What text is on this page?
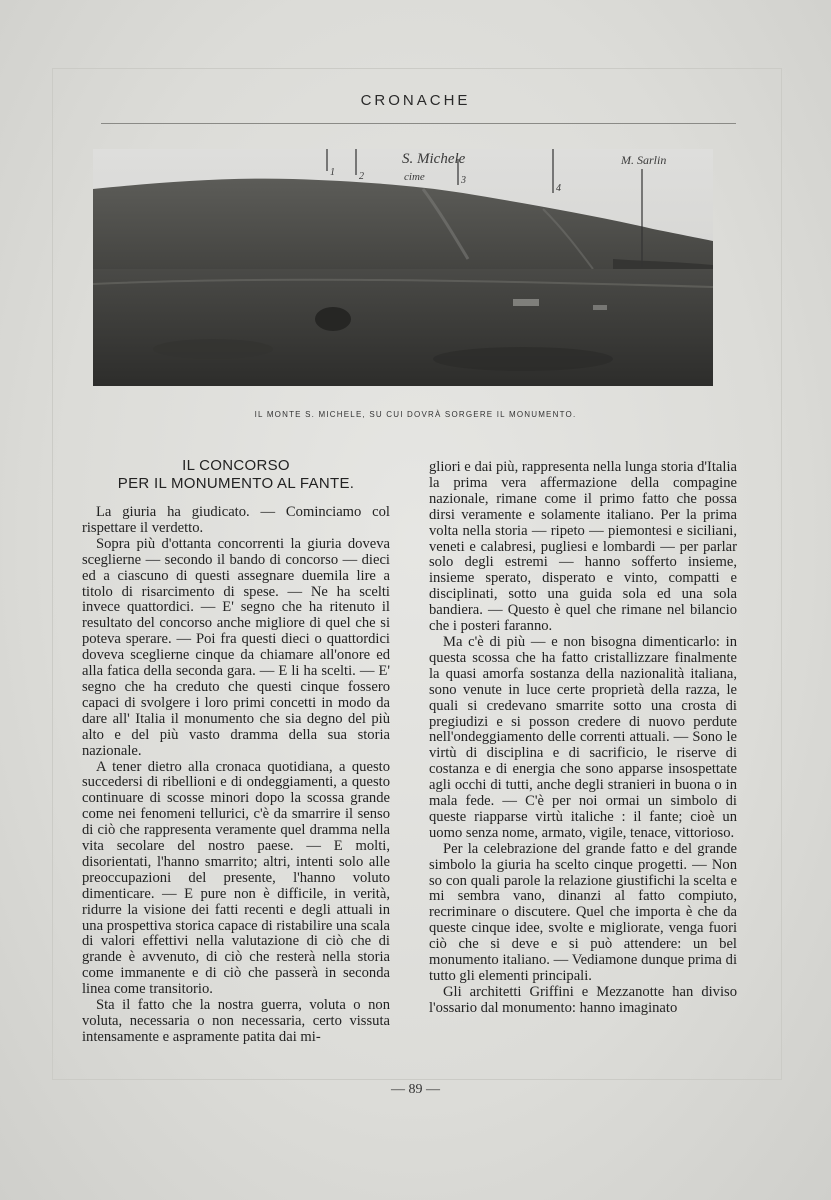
CRONACHE
1 2
S. Michele
cime	3
4
M. Sarlin
IL MONTE S. MICHELE, SU CUI DOVRÀ SORGERE IL MONUMENTO.
IL CONCORSO
PER IL MONUMENTO AL FANTE.

La giuria ha giudicato. — Cominciamo col rispettare il verdetto.

Sopra più d'ottanta concorrenti la giuria doveva sceglierne — secondo il bando di concorso — dieci ed a ciascuno di questi assegnare duemila lire a titolo di risarcimento di spese. — Ne ha scelti invece quattordici. — E' segno che ha ritenuto il resultato del concorso anche migliore di quel che si poteva sperare. — Poi fra questi dieci o quattordici doveva sceglierne cinque da chiamare all'onore ed alla fatica della seconda gara. — E li ha scelti. — E' segno che ha creduto che questi cinque fossero capaci di svolgere i loro primi concetti in modo da dare all' Italia il monumento che sia degno del più alto e del più vasto dramma della sua storia nazionale.

A tener dietro alla cronaca quotidiana, a questo succedersi di ribellioni e di ondeggiamenti, a questo continuare di scosse minori dopo la scossa grande come nei fenomeni tellurici, c'è da smarrire il senso di ciò che rappresenta veramente quel dramma nella vita secolare del nostro paese. — E molti, disorientati, l'hanno smarrito; altri, intenti solo alle preoccupazioni del presente, l'hanno voluto dimenticare. — E pure non è difficile, in verità, ridurre la visione dei fatti recenti e degli attuali in una prospettiva storica capace di ristabilire una scala di valori effettivi nella valutazione di ciò che di grande è avvenuto, di ciò che resterà nella storia come immanente e di ciò che passerà in seconda linea come transitorio.

Sta il fatto che la nostra guerra, voluta o non voluta, necessaria o non necessaria, certo vissuta intensamente e aspramente patita dai mi-

gliori e dai più, rappresenta nella lunga storia d'Italia la prima vera affermazione della compagine nazionale, rimane come il primo fatto che possa dirsi veramente e solamente italiano. Per la prima volta nella storia — ripeto — piemontesi e siciliani, veneti e calabresi, pugliesi e lombardi — per parlar solo degli estremi — hanno sofferto insieme, insieme sperato, disperato e vinto, compatti e disciplinati, sotto una guida sola ed una sola bandiera. — Questo è quel che rimane nel bilancio che i posteri faranno.

Ma c'è di più — e non bisogna dimenticarlo: in questa scossa che ha fatto cristallizzare finalmente la quasi amorfa sostanza della nazionalità italiana, sono venute in luce certe proprietà della razza, le quali si credevano smarrite sotto una crosta di pregiudizi e si posson credere di nuovo perdute nell'ondeggiamento delle correnti attuali. — Sono le virtù di disciplina e di sacrificio, le riserve di costanza e di energia che sono apparse insospettate agli occhi di tutti, anche degli stranieri in buona o in mala fede. — C'è per noi ormai un simbolo di queste riapparse virtù italiche : il fante; cioè un uomo senza nome, armato, vigile, tenace, vittorioso.

Per la celebrazione del grande fatto e del grande simbolo la giuria ha scelto cinque progetti. — Non so con quali parole la relazione giustifichi la scelta e mi sembra vano, dinanzi al fatto compiuto, recriminare o discutere. Quel che importa è che da queste cinque idee, svolte e migliorate, venga fuori ciò che si deve e si può attendere: un bel monumento italiano. — Vediamone dunque prima di tutto gli elementi principali.

Gli architetti Griffini e Mezzanotte han diviso l'ossario dal monumento: hanno imaginato

— 89 —
